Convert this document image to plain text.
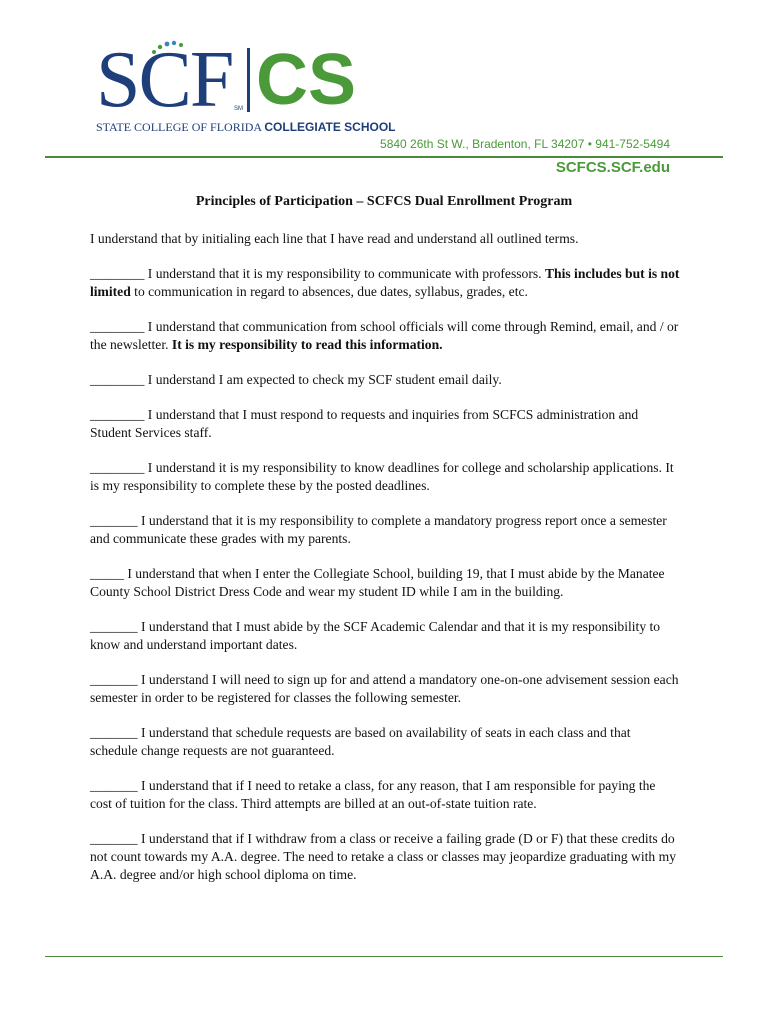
SCF SM CS
STATE COLLEGE OF FLORIDA COLLEGIATE SCHOOL
5840 26th St W., Bradenton, FL 34207 • 941-752-5494
SCFCS.SCF.edu
Principles of Participation – SCFCS Dual Enrollment Program

I understand that by initialing each line that I have read and understand all outlined terms.

________ I understand that it is my responsibility to communicate with professors. This includes but is not limited to communication in regard to absences, due dates, syllabus, grades, etc.

________ I understand that communication from school officials will come through Remind, email, and / or the newsletter. It is my responsibility to read this information.

________ I understand I am expected to check my SCF student email daily.

________ I understand that I must respond to requests and inquiries from SCFCS administration and Student Services staff.

________ I understand it is my responsibility to know deadlines for college and scholarship applications. It is my responsibility to complete these by the posted deadlines.

_______ I understand that it is my responsibility to complete a mandatory progress report once a semester and communicate these grades with my parents.

_____ I understand that when I enter the Collegiate School, building 19, that I must abide by the Manatee County School District Dress Code and wear my student ID while I am in the building.

_______ I understand that I must abide by the SCF Academic Calendar and that it is my responsibility to know and understand important dates.

_______ I understand I will need to sign up for and attend a mandatory one-on-one advisement session each semester in order to be registered for classes the following semester.

_______ I understand that schedule requests are based on availability of seats in each class and that schedule change requests are not guaranteed.

_______ I understand that if I need to retake a class, for any reason, that I am responsible for paying the cost of tuition for the class. Third attempts are billed at an out-of-state tuition rate.

_______ I understand that if I withdraw from a class or receive a failing grade (D or F) that these credits do not count towards my A.A. degree. The need to retake a class or classes may jeopardize graduating with my A.A. degree and/or high school diploma on time.
